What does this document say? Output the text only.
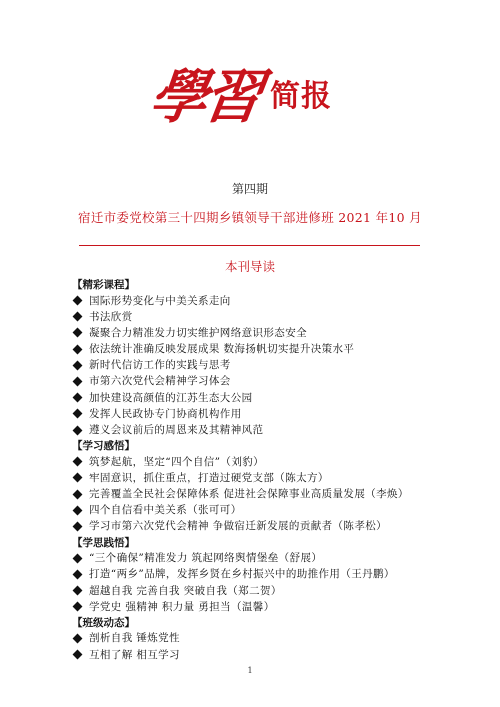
學習 简报
第四期
宿迁市委党校第三十四期乡镇领导干部进修班 2021 年10 月
本刊导读
【精彩课程】
国际形势变化与中美关系走向
书法欣赏
凝聚合力精准发力切实维护网络意识形态安全
依法统计准确反映发展成果 数海扬帆切实提升决策水平
新时代信访工作的实践与思考
市第六次党代会精神学习体会
加快建设高颜值的江苏生态大公园
发挥人民政协专门协商机构作用
遵义会议前后的周恩来及其精神风范
【学习感悟】
筑梦起航，坚定“四个自信”（刘豹）
牢固意识，抓住重点，打造过硬党支部（陈太方）
完善覆盖全民社会保障体系 促进社会保障事业高质量发展（李焕）
四个自信看中美关系（张可可）
学习市第六次党代会精神 争做宿迁新发展的贡献者（陈孝松）
【学思践悟】
“三个确保”精准发力 筑起网络舆情堡垒（舒展）
打造“两乡”品牌，发挥乡贤在乡村振兴中的助推作用（王丹鹏）
超越自我 完善自我 突破自我（郑二贺）
学党史 强精神 积力量 勇担当（温馨）
【班级动态】
剖析自我 锤炼党性
互相了解 相互学习
1
